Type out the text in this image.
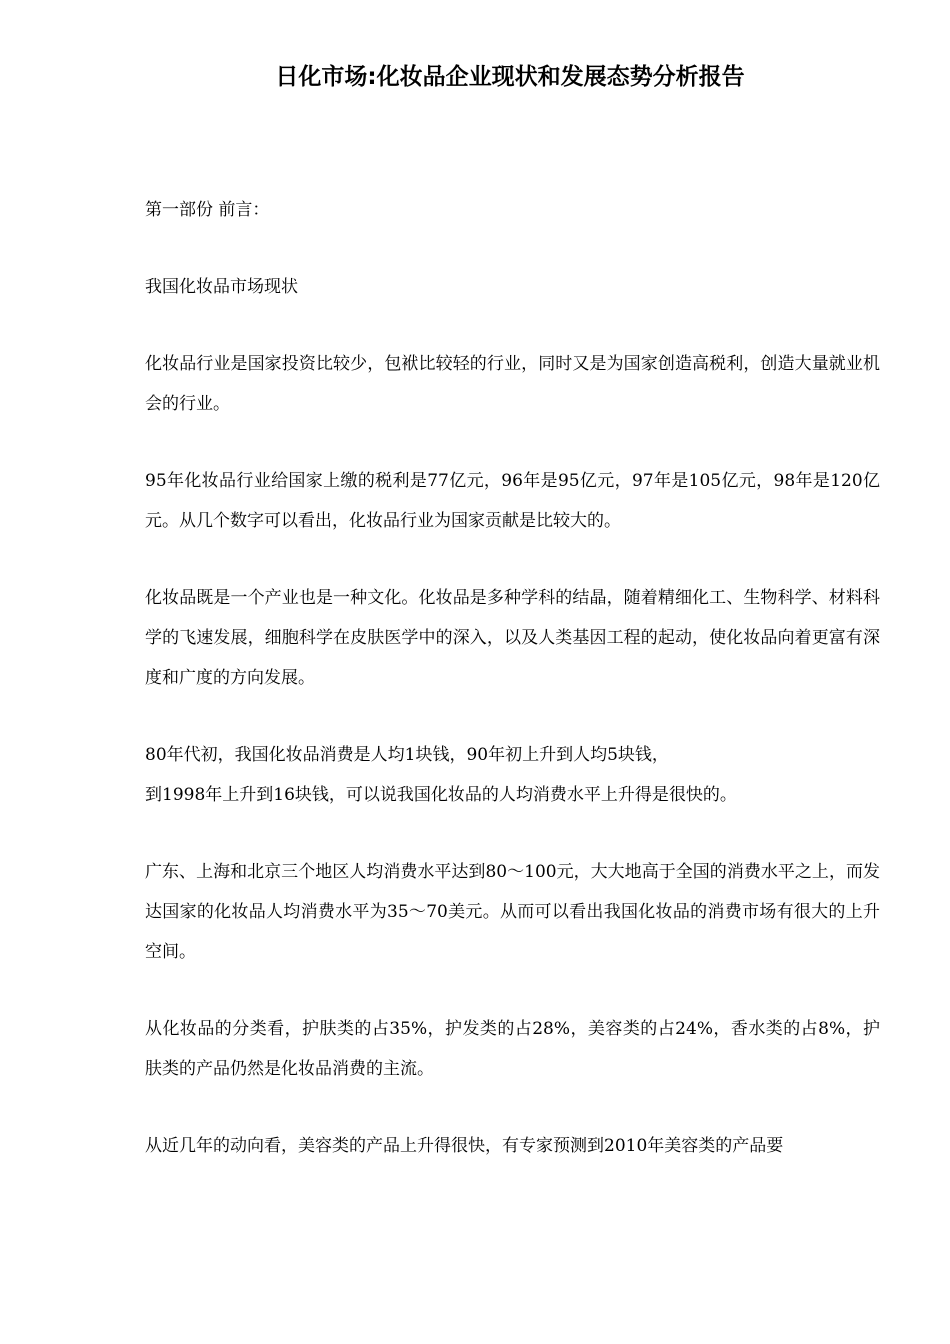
日化市场:化妆品企业现状和发展态势分析报告

第一部份 前言：

我国化妆品市场现状

化妆品行业是国家投资比较少，包袱比较轻的行业，同时又是为国家创造高税利，创造大量就业机会的行业。

95年化妆品行业给国家上缴的税利是77亿元，96年是95亿元，97年是105亿元，98年是120亿元。从几个数字可以看出，化妆品行业为国家贡献是比较大的。

化妆品既是一个产业也是一种文化。化妆品是多种学科的结晶，随着精细化工、生物科学、材料科学的飞速发展，细胞科学在皮肤医学中的深入，以及人类基因工程的起动，使化妆品向着更富有深度和广度的方向发展。

80年代初，我国化妆品消费是人均1块钱，90年初上升到人均5块钱，

到1998年上升到16块钱，可以说我国化妆品的人均消费水平上升得是很快的。

广东、上海和北京三个地区人均消费水平达到80～100元，大大地高于全国的消费水平之上，而发达国家的化妆品人均消费水平为35～70美元。从而可以看出我国化妆品的消费市场有很大的上升空间。

从化妆品的分类看，护肤类的占35%，护发类的占28%，美容类的占24%，香水类的占8%，护肤类的产品仍然是化妆品消费的主流。

从近几年的动向看，美容类的产品上升得很快，有专家预测到2010年美容类的产品要
